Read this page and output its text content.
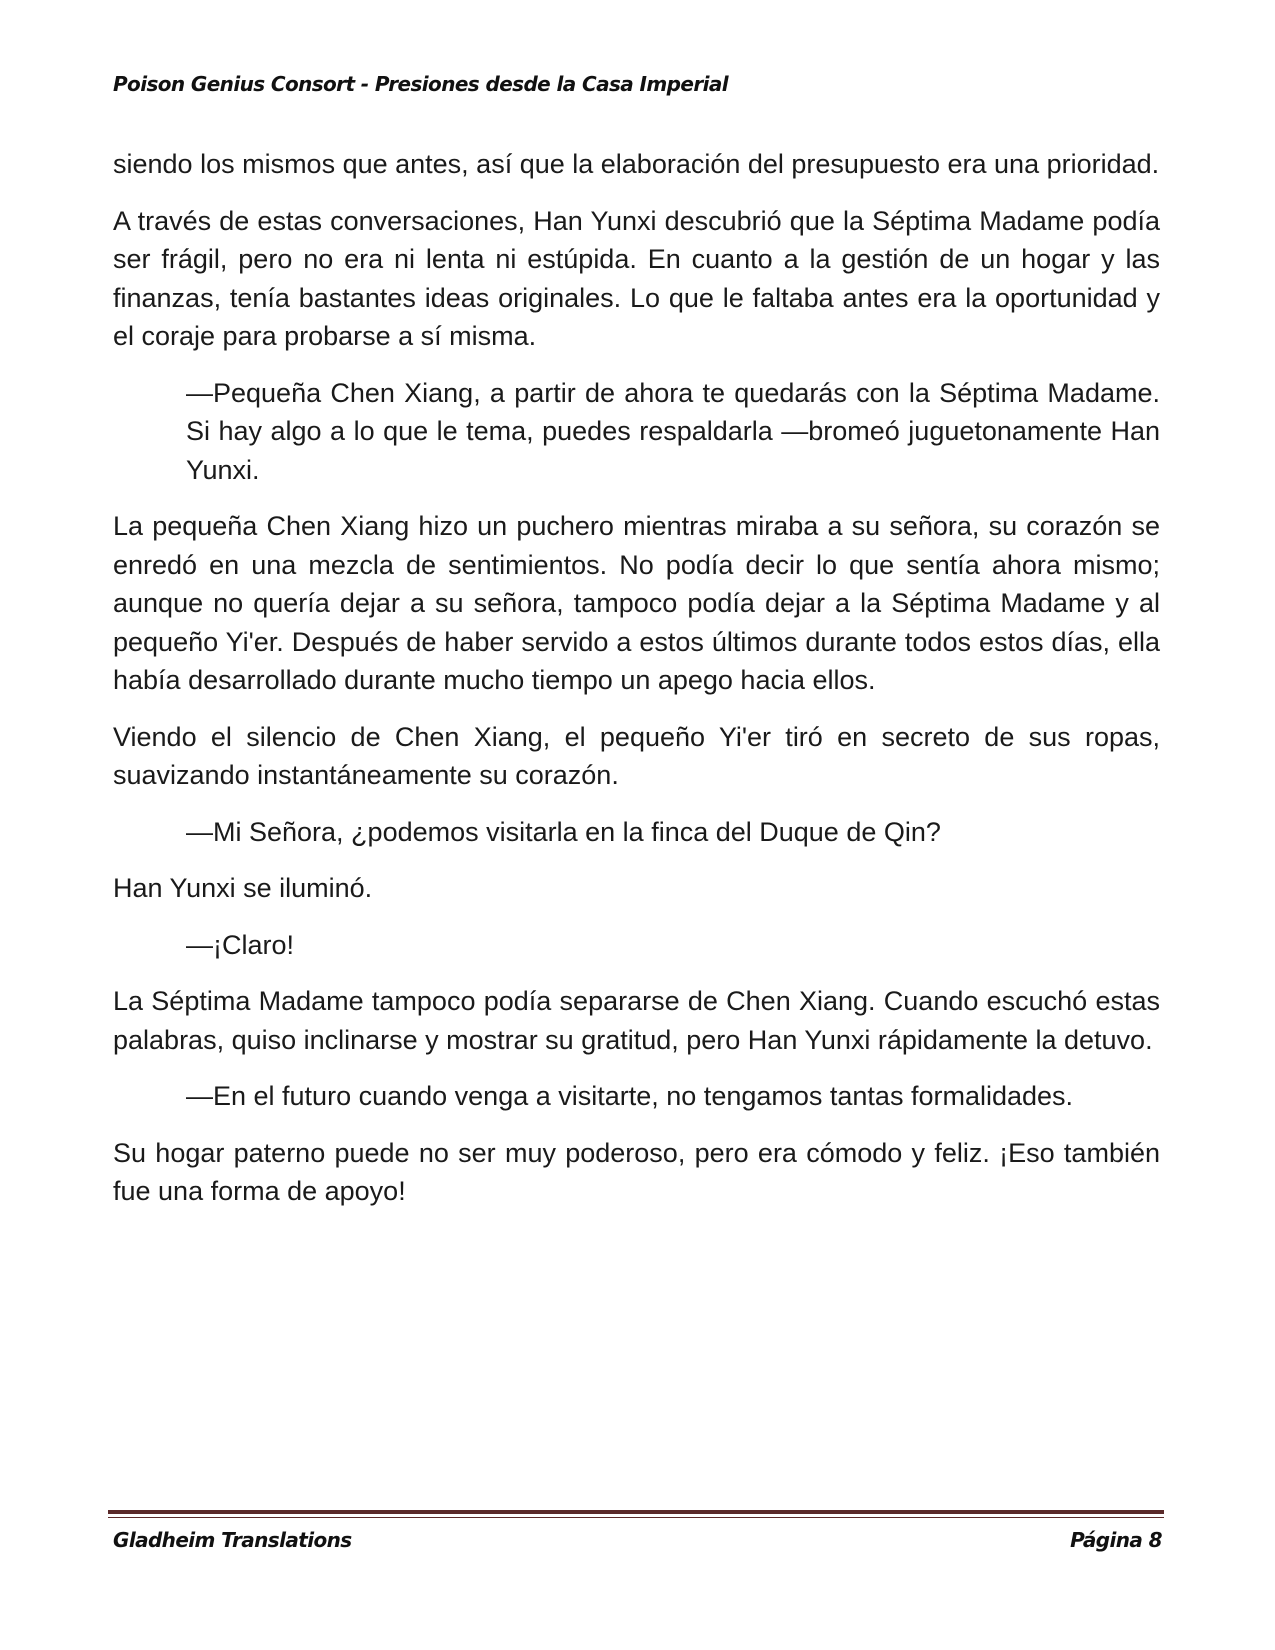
Poison Genius Consort - Presiones desde la Casa Imperial

siendo los mismos que antes, así que la elaboración del presupuesto era una prioridad.

A través de estas conversaciones, Han Yunxi descubrió que la Séptima Madame podía ser frágil, pero no era ni lenta ni estúpida. En cuanto a la gestión de un hogar y las finanzas, tenía bastantes ideas originales. Lo que le faltaba antes era la oportunidad y el coraje para probarse a sí misma.

—Pequeña Chen Xiang, a partir de ahora te quedarás con la Séptima Madame. Si hay algo a lo que le tema, puedes respaldarla —bromeó juguetonamente Han Yunxi.

La pequeña Chen Xiang hizo un puchero mientras miraba a su señora, su corazón se enredó en una mezcla de sentimientos. No podía decir lo que sentía ahora mismo; aunque no quería dejar a su señora, tampoco podía dejar a la Séptima Madame y al pequeño Yi'er. Después de haber servido a estos últimos durante todos estos días, ella había desarrollado durante mucho tiempo un apego hacia ellos.

Viendo el silencio de Chen Xiang, el pequeño Yi'er tiró en secreto de sus ropas, suavizando instantáneamente su corazón.

—Mi Señora, ¿podemos visitarla en la finca del Duque de Qin?

Han Yunxi se iluminó.

—¡Claro!

La Séptima Madame tampoco podía separarse de Chen Xiang. Cuando escuchó estas palabras, quiso inclinarse y mostrar su gratitud, pero Han Yunxi rápidamente la detuvo.

—En el futuro cuando venga a visitarte, no tengamos tantas formalidades.

Su hogar paterno puede no ser muy poderoso, pero era cómodo y feliz. ¡Eso también fue una forma de apoyo!

Gladheim Translations	Página 8
